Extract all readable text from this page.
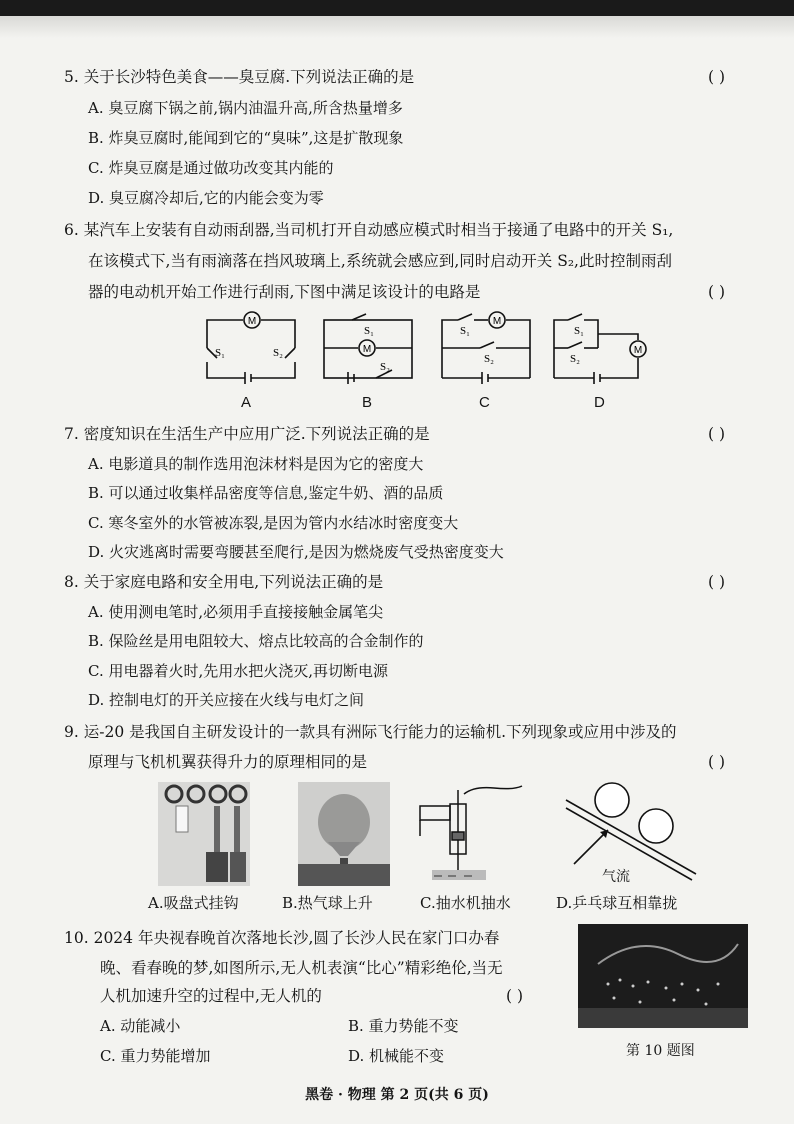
5. 关于长沙特色美食——臭豆腐.下列说法正确的是	( )
A. 臭豆腐下锅之前,锅内油温升高,所含热量增多
B. 炸臭豆腐时,能闻到它的“臭味”,这是扩散现象
C. 炸臭豆腐是通过做功改变其内能的
D. 臭豆腐冷却后,它的内能会变为零
6. 某汽车上安装有自动雨刮器,当司机打开自动感应模式时相当于接通了电路中的开关 S₁,
在该模式下,当有雨滴落在挡风玻璃上,系统就会感应到,同时启动开关 S₂,此时控制雨刮
器的电动机开始工作进行刮雨,下图中满足该设计的电路是	( )
M
S₁	S₂
A
M
S₁
S₂
B
M
S₁
S₂
C
M
S₁
S₂
D
7. 密度知识在生活生产中应用广泛.下列说法正确的是	( )
A. 电影道具的制作选用泡沫材料是因为它的密度大
B. 可以通过收集样品密度等信息,鉴定牛奶、酒的品质
C. 寒冬室外的水管被冻裂,是因为管内水结冰时密度变大
D. 火灾逃离时需要弯腰甚至爬行,是因为燃烧废气受热密度变大
8. 关于家庭电路和安全用电,下列说法正确的是	( )
A. 使用测电笔时,必须用手直接接触金属笔尖
B. 保险丝是用电阻较大、熔点比较高的合金制作的
C. 用电器着火时,先用水把火浇灭,再切断电源
D. 控制电灯的开关应接在火线与电灯之间
9. 运-20 是我国自主研发设计的一款具有洲际飞行能力的运输机.下列现象或应用中涉及的
原理与飞机机翼获得升力的原理相同的是	( )
A.吸盘式挂钩	B.热气球上升	C.抽水机抽水
气流
D.乒乓球互相靠拢
10. 2024 年央视春晚首次落地长沙,圆了长沙人民在家门口办春
晚、看春晚的梦,如图所示,无人机表演“比心”精彩绝伦,当无
人机加速升空的过程中,无人机的	( )
A. 动能减小	B. 重力势能不变
C. 重力势能增加	D. 机械能不变	第 10 题图
黑卷 · 物理 第 2 页(共 6 页)
